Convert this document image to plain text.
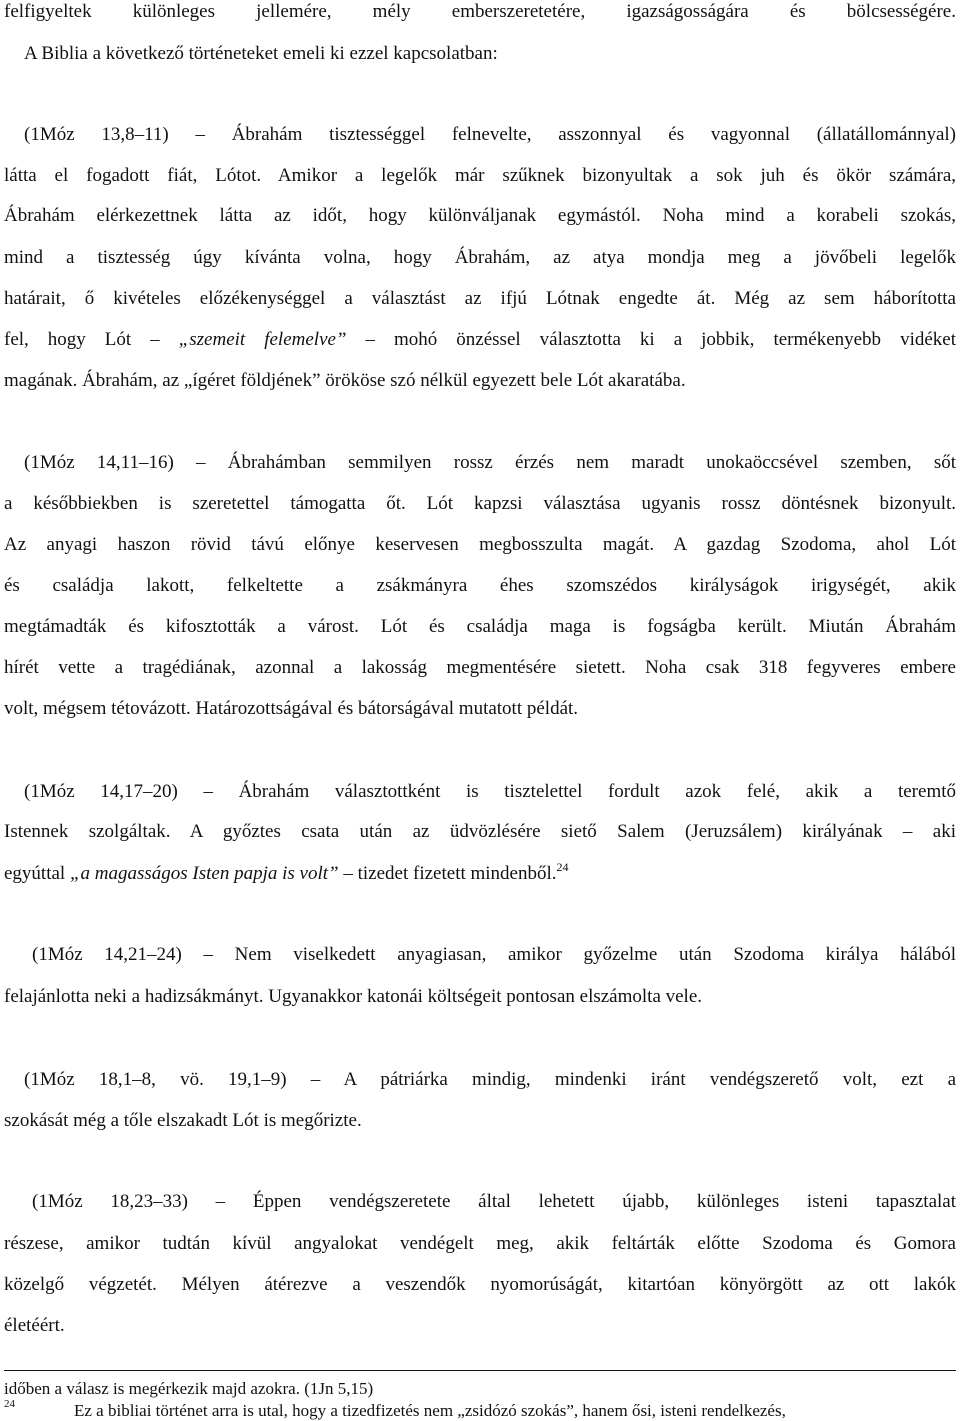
felfigyeltek különleges jellemére, mély emberszeretetére, igazságosságára és bölcsességére.
A Biblia a következő történeteket emeli ki ezzel kapcsolatban:
(1Móz 13,8–11) – Ábrahám tisztességgel felnevelte, asszonnyal és vagyonnal (állatállománnyal)
látta el fogadott fiát, Lótot. Amikor a legelők már szűknek bizonyultak a sok juh és ökör számára,
Ábrahám elérkezettnek látta az időt, hogy különváljanak egymástól. Noha mind a korabeli szokás,
mind a tisztesség úgy kívánta volna, hogy Ábrahám, az atya mondja meg a jövőbeli legelők
határait, ő kivételes előzékenységgel a választást az ifjú Lótnak engedte át. Még az sem háborította
fel, hogy Lót – „szemeit felemelve” – mohó önzéssel választotta ki a jobbik, termékenyebb vidéket
magának. Ábrahám, az „ígéret földjének” örököse szó nélkül egyezett bele Lót akaratába.
(1Móz 14,11–16) – Ábrahámban semmilyen rossz érzés nem maradt unokaöccsével szemben, sőt
a későbbiekben is szeretettel támogatta őt. Lót kapzsi választása ugyanis rossz döntésnek bizonyult.
Az anyagi haszon rövid távú előnye keservesen megbosszulta magát. A gazdag Szodoma, ahol Lót
és családja lakott, felkeltette a zsákmányra éhes szomszédos királyságok irigységét, akik
megtámadták és kifosztották a várost. Lót és családja maga is fogságba került. Miután Ábrahám
hírét vette a tragédiának, azonnal a lakosság megmentésére sietett. Noha csak 318 fegyveres embere
volt, mégsem tétovázott. Határozottságával és bátorságával mutatott példát.
(1Móz 14,17–20) – Ábrahám választottként is tisztelettel fordult azok felé, akik a teremtő
Istennek szolgáltak. A győztes csata után az üdvözlésére siető Salem (Jeruzsálem) királyának – aki
egyúttal „a magasságos Isten papja is volt” – tizedet fizetett mindenből.$^{24}$
(1Móz 14,21–24) – Nem viselkedett anyagiasan, amikor győzelme után Szodoma királya hálából
felajánlotta neki a hadizsákmányt. Ugyanakkor katonái költségeit pontosan elszámolta vele.
(1Móz 18,1–8, vö. 19,1–9) – A pátriárka mindig, mindenki iránt vendégszerető volt, ezt a
szokását még a tőle elszakadt Lót is megőrizte.
(1Móz 18,23–33) – Éppen vendégszeretete által lehetett újabb, különleges isteni tapasztalat
részese, amikor tudtán kívül angyalokat vendégelt meg, akik feltárták előtte Szodoma és Gomora
közelgő végzetét. Mélyen átérezve a veszendők nyomorúságát, kitartóan könyörgött az ott lakók
életéért.
időben a válasz is megérkezik majd azokra. (1Jn 5,15)
24	Ez a bibliai történet arra is utal, hogy a tizedfizetés nem „zsidózó szokás”, hanem ősi, isteni rendelkezés,
